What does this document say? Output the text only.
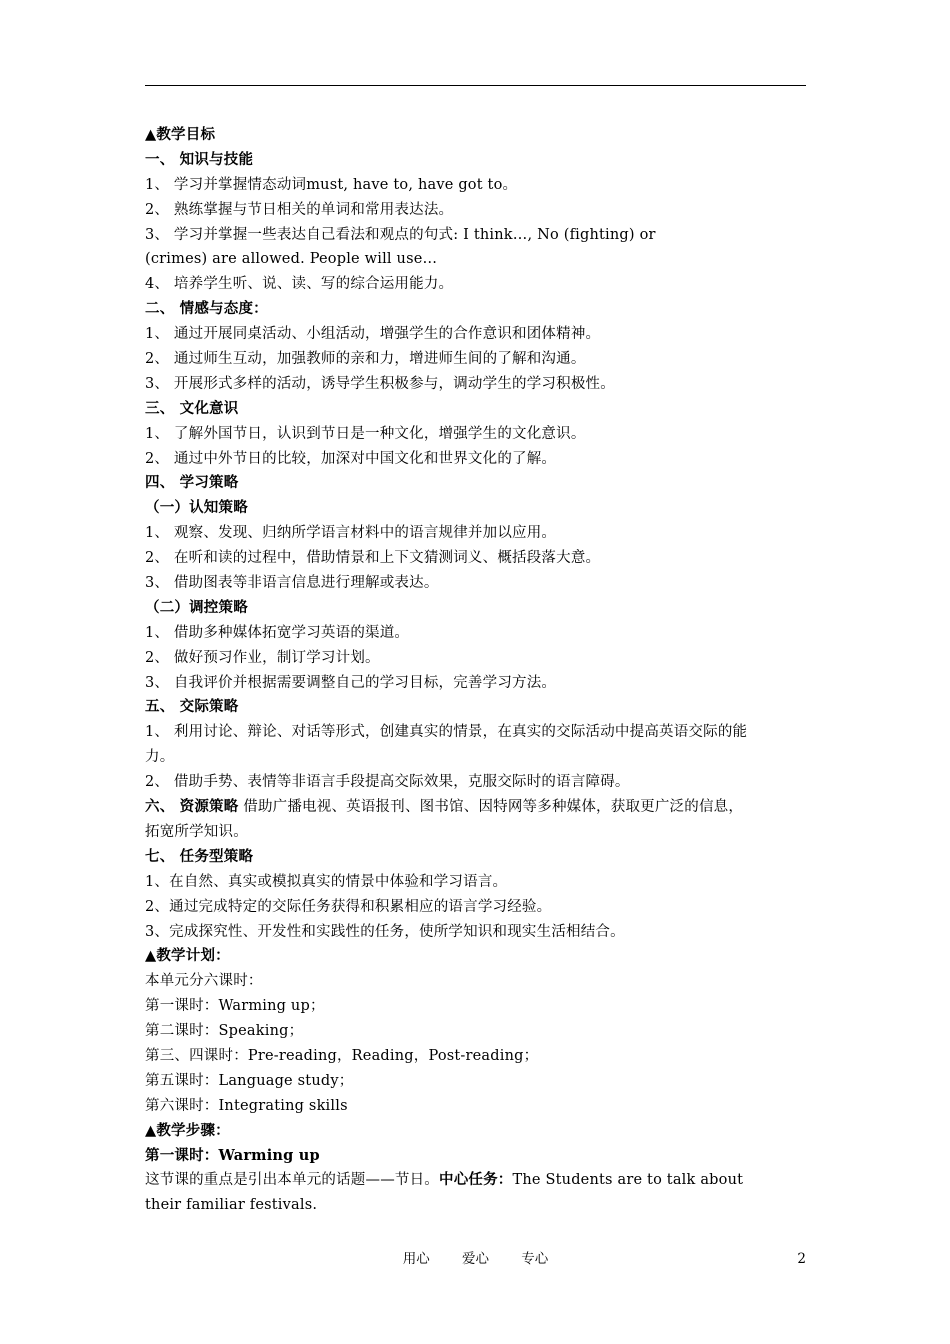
▲教学目标
一、 知识与技能
1、 学习并掌握情态动词must, have to, have got to。
2、 熟练掌握与节日相关的单词和常用表达法。
3、 学习并掌握一些表达自己看法和观点的句式: I think…, No (fighting) or
(crimes) are allowed. People will use…
4、 培养学生听、说、读、写的综合运用能力。
二、 情感与态度：
1、 通过开展同桌活动、小组活动，增强学生的合作意识和团体精神。
2、 通过师生互动，加强教师的亲和力，增进师生间的了解和沟通。
3、 开展形式多样的活动，诱导学生积极参与，调动学生的学习积极性。
三、 文化意识
1、 了解外国节日，认识到节日是一种文化，增强学生的文化意识。
2、 通过中外节日的比较，加深对中国文化和世界文化的了解。
四、 学习策略
（一）认知策略
1、 观察、发现、归纳所学语言材料中的语言规律并加以应用。
2、 在听和读的过程中，借助情景和上下文猜测词义、概括段落大意。
3、 借助图表等非语言信息进行理解或表达。
（二）调控策略
1、 借助多种媒体拓宽学习英语的渠道。
2、 做好预习作业，制订学习计划。
3、 自我评价并根据需要调整自己的学习目标，完善学习方法。
五、 交际策略
1、 利用讨论、辩论、对话等形式，创建真实的情景，在真实的交际活动中提高英语交际的能
力。
2、 借助手势、表情等非语言手段提高交际效果，克服交际时的语言障碍。
六、 资源策略 借助广播电视、英语报刊、图书馆、因特网等多种媒体，获取更广泛的信息，
拓宽所学知识。
七、 任务型策略
1、在自然、真实或模拟真实的情景中体验和学习语言。
2、通过完成特定的交际任务获得和积累相应的语言学习经验。
3、完成探究性、开发性和实践性的任务，使所学知识和现实生活相结合。
▲教学计划：
本单元分六课时：
第一课时：Warming up；
第二课时：Speaking；
第三、四课时：Pre-reading，Reading，Post-reading；
第五课时：Language study；
第六课时：Integrating skills
▲教学步骤：
第一课时：Warming up
这节课的重点是引出本单元的话题——节日。中心任务：The Students are to talk about
their familiar festivals.
用心 爱心 专心	2
